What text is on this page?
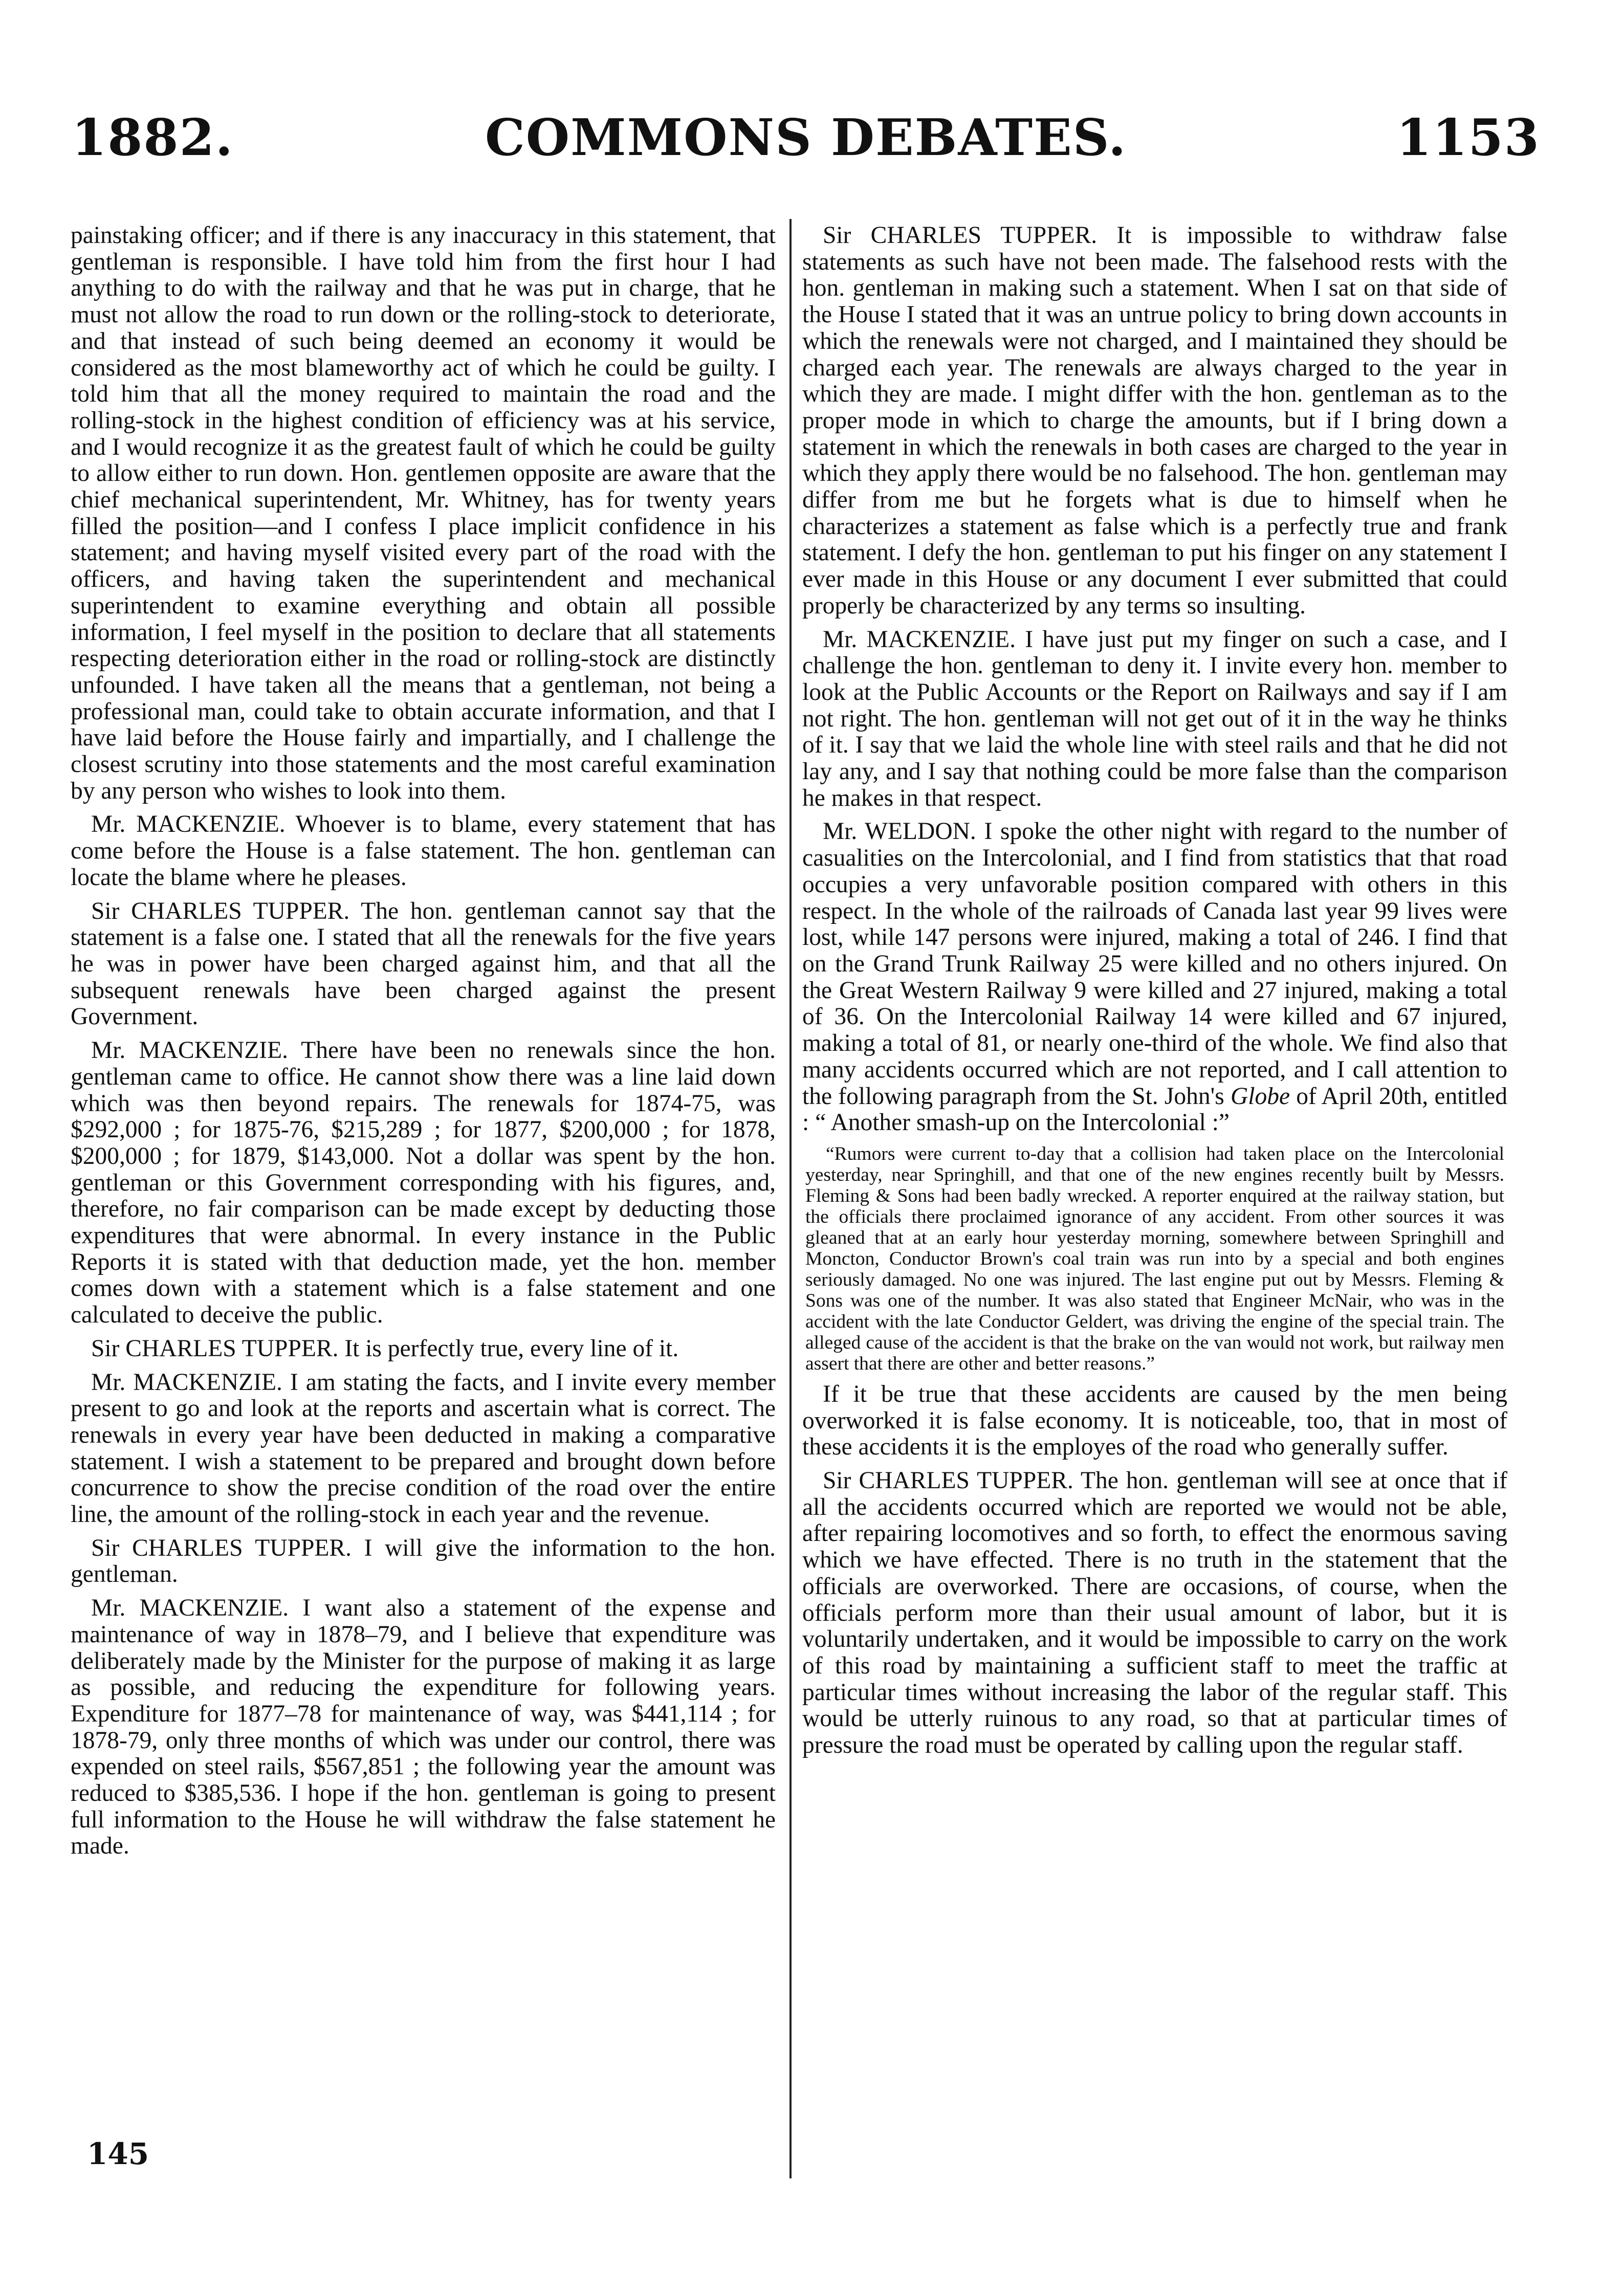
1882.	COMMONS DEBATES.	1153

painstaking officer; and if there is any inaccuracy in this statement, that gentleman is responsible. I have told him from the first hour I had anything to do with the railway and that he was put in charge, that he must not allow the road to run down or the rolling-stock to deteriorate, and that instead of such being deemed an economy it would be considered as the most blameworthy act of which he could be guilty. I told him that all the money required to maintain the road and the rolling-stock in the highest condition of efficiency was at his service, and I would recognize it as the greatest fault of which he could be guilty to allow either to run down. Hon. gentlemen opposite are aware that the chief mechanical superintendent, Mr. Whitney, has for twenty years filled the position—and I confess I place implicit confidence in his statement; and having myself visited every part of the road with the officers, and having taken the superintendent and mechanical superintendent to examine everything and obtain all possible information, I feel myself in the position to declare that all statements respecting deterioration either in the road or rolling-stock are distinctly unfounded. I have taken all the means that a gentleman, not being a professional man, could take to obtain accurate information, and that I have laid before the House fairly and impartially, and I challenge the closest scrutiny into those statements and the most careful examination by any person who wishes to look into them.

Mr. MACKENZIE. Whoever is to blame, every statement that has come before the House is a false statement. The hon. gentleman can locate the blame where he pleases.

Sir CHARLES TUPPER. The hon. gentleman cannot say that the statement is a false one. I stated that all the renewals for the five years he was in power have been charged against him, and that all the subsequent renewals have been charged against the present Government.

Mr. MACKENZIE. There have been no renewals since the hon. gentleman came to office. He cannot show there was a line laid down which was then beyond repairs. The renewals for 1874-75, was $292,000 ; for 1875-76, $215,289 ; for 1877, $200,000 ; for 1878, $200,000 ; for 1879, $143,000. Not a dollar was spent by the hon. gentleman or this Government corresponding with his figures, and, therefore, no fair comparison can be made except by deducting those expenditures that were abnormal. In every instance in the Public Reports it is stated with that deduction made, yet the hon. member comes down with a statement which is a false statement and one calculated to deceive the public.

Sir CHARLES TUPPER. It is perfectly true, every line of it.

Mr. MACKENZIE. I am stating the facts, and I invite every member present to go and look at the reports and ascertain what is correct. The renewals in every year have been deducted in making a comparative statement. I wish a statement to be prepared and brought down before concurrence to show the precise condition of the road over the entire line, the amount of the rolling-stock in each year and the revenue.

Sir CHARLES TUPPER. I will give the information to the hon. gentleman.

Mr. MACKENZIE. I want also a statement of the expense and maintenance of way in 1878–79, and I believe that expenditure was deliberately made by the Minister for the purpose of making it as large as possible, and reducing the expenditure for following years. Expenditure for 1877–78 for maintenance of way, was $441,114 ; for 1878-79, only three months of which was under our control, there was expended on steel rails, $567,851 ; the following year the amount was reduced to $385,536. I hope if the hon. gentleman is going to present full information to the House he will withdraw the false statement he made.

Sir CHARLES TUPPER. It is impossible to withdraw false statements as such have not been made. The falsehood rests with the hon. gentleman in making such a statement. When I sat on that side of the House I stated that it was an untrue policy to bring down accounts in which the renewals were not charged, and I maintained they should be charged each year. The renewals are always charged to the year in which they are made. I might differ with the hon. gentleman as to the proper mode in which to charge the amounts, but if I bring down a statement in which the renewals in both cases are charged to the year in which they apply there would be no falsehood. The hon. gentleman may differ from me but he forgets what is due to himself when he characterizes a statement as false which is a perfectly true and frank statement. I defy the hon. gentleman to put his finger on any statement I ever made in this House or any document I ever submitted that could properly be characterized by any terms so insulting.

Mr. MACKENZIE. I have just put my finger on such a case, and I challenge the hon. gentleman to deny it. I invite every hon. member to look at the Public Accounts or the Report on Railways and say if I am not right. The hon. gentleman will not get out of it in the way he thinks of it. I say that we laid the whole line with steel rails and that he did not lay any, and I say that nothing could be more false than the comparison he makes in that respect.

Mr. WELDON. I spoke the other night with regard to the number of casualities on the Intercolonial, and I find from statistics that that road occupies a very unfavorable position compared with others in this respect. In the whole of the railroads of Canada last year 99 lives were lost, while 147 persons were injured, making a total of 246. I find that on the Grand Trunk Railway 25 were killed and no others injured. On the Great Western Railway 9 were killed and 27 injured, making a total of 36. On the Intercolonial Railway 14 were killed and 67 injured, making a total of 81, or nearly one-third of the whole. We find also that many accidents occurred which are not reported, and I call attention to the following paragraph from the St. John's Globe of April 20th, entitled : “ Another smash-up on the Intercolonial :”

“Rumors were current to-day that a collision had taken place on the Intercolonial yesterday, near Springhill, and that one of the new engines recently built by Messrs. Fleming & Sons had been badly wrecked. A reporter enquired at the railway station, but the officials there proclaimed ignorance of any accident. From other sources it was gleaned that at an early hour yesterday morning, somewhere between Springhill and Moncton, Conductor Brown's coal train was run into by a special and both engines seriously damaged. No one was injured. The last engine put out by Messrs. Fleming & Sons was one of the number. It was also stated that Engineer McNair, who was in the accident with the late Conductor Geldert, was driving the engine of the special train. The alleged cause of the accident is that the brake on the van would not work, but railway men assert that there are other and better reasons.”

If it be true that these accidents are caused by the men being overworked it is false economy. It is noticeable, too, that in most of these accidents it is the employes of the road who generally suffer.

Sir CHARLES TUPPER. The hon. gentleman will see at once that if all the accidents occurred which are reported we would not be able, after repairing locomotives and so forth, to effect the enormous saving which we have effected. There is no truth in the statement that the officials are overworked. There are occasions, of course, when the officials perform more than their usual amount of labor, but it is voluntarily undertaken, and it would be impossible to carry on the work of this road by maintaining a sufficient staff to meet the traffic at particular times without increasing the labor of the regular staff. This would be utterly ruinous to any road, so that at particular times of pressure the road must be operated by calling upon the regular staff.

145
